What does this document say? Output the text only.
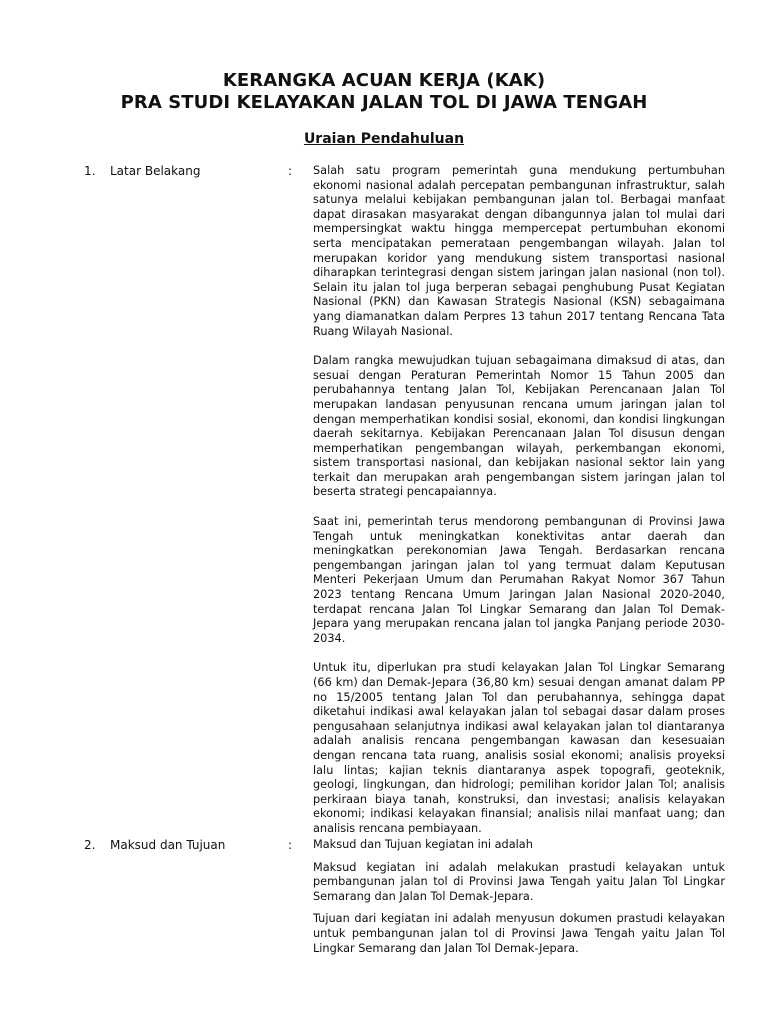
KERANGKA ACUAN KERJA (KAK)
PRA STUDI KELAYAKAN JALAN TOL DI JAWA TENGAH
Uraian Pendahuluan
1. Latar Belakang	: Salah satu program pemerintah guna mendukung pertumbuhan ekonomi nasional adalah percepatan pembangunan infrastruktur, salah satunya melalui kebijakan pembangunan jalan tol. Berbagai manfaat dapat dirasakan masyarakat dengan dibangunnya jalan tol mulai dari mempersingkat waktu hingga mempercepat pertumbuhan ekonomi serta mencipatakan pemerataan pengembangan wilayah. Jalan tol merupakan koridor yang mendukung sistem transportasi nasional diharapkan terintegrasi dengan sistem jaringan jalan nasional (non tol). Selain itu jalan tol juga berperan sebagai penghubung Pusat Kegiatan Nasional (PKN) dan Kawasan Strategis Nasional (KSN) sebagaimana yang diamanatkan dalam Perpres 13 tahun 2017 tentang Rencana Tata Ruang Wilayah Nasional.

Dalam rangka mewujudkan tujuan sebagaimana dimaksud di atas, dan sesuai dengan Peraturan Pemerintah Nomor 15 Tahun 2005 dan perubahannya tentang Jalan Tol, Kebijakan Perencanaan Jalan Tol merupakan landasan penyusunan rencana umum jaringan jalan tol dengan memperhatikan kondisi sosial, ekonomi, dan kondisi lingkungan daerah sekitarnya. Kebijakan Perencanaan Jalan Tol disusun dengan memperhatikan pengembangan wilayah, perkembangan ekonomi, sistem transportasi nasional, dan kebijakan nasional sektor lain yang terkait dan merupakan arah pengembangan sistem jaringan jalan tol beserta strategi pencapaiannya.

Saat ini, pemerintah terus mendorong pembangunan di Provinsi Jawa Tengah untuk meningkatkan konektivitas antar daerah dan meningkatkan perekonomian Jawa Tengah. Berdasarkan rencana pengembangan jaringan jalan tol yang termuat dalam Keputusan Menteri Pekerjaan Umum dan Perumahan Rakyat Nomor 367 Tahun 2023 tentang Rencana Umum Jaringan Jalan Nasional 2020-2040, terdapat rencana Jalan Tol Lingkar Semarang dan Jalan Tol Demak-Jepara yang merupakan rencana jalan tol jangka Panjang periode 2030-2034.

Untuk itu, diperlukan pra studi kelayakan Jalan Tol Lingkar Semarang (66 km) dan Demak-Jepara (36,80 km) sesuai dengan amanat dalam PP no 15/2005 tentang Jalan Tol dan perubahannya, sehingga dapat diketahui indikasi awal kelayakan jalan tol sebagai dasar dalam proses pengusahaan selanjutnya indikasi awal kelayakan jalan tol diantaranya adalah analisis rencana pengembangan kawasan dan kesesuaian dengan rencana tata ruang, analisis sosial ekonomi; analisis proyeksi lalu lintas; kajian teknis diantaranya aspek topografi, geoteknik, geologi, lingkungan, dan hidrologi; pemilihan koridor Jalan Tol; analisis perkiraan biaya tanah, konstruksi, dan investasi; analisis kelayakan ekonomi; indikasi kelayakan finansial; analisis nilai manfaat uang; dan analisis rencana pembiayaan.

2. Maksud dan Tujuan	: Maksud dan Tujuan kegiatan ini adalah

Maksud kegiatan ini adalah melakukan prastudi kelayakan untuk pembangunan jalan tol di Provinsi Jawa Tengah yaitu Jalan Tol Lingkar Semarang dan Jalan Tol Demak-Jepara.

Tujuan dari kegiatan ini adalah menyusun dokumen prastudi kelayakan untuk pembangunan jalan tol di Provinsi Jawa Tengah yaitu Jalan Tol Lingkar Semarang dan Jalan Tol Demak-Jepara.
